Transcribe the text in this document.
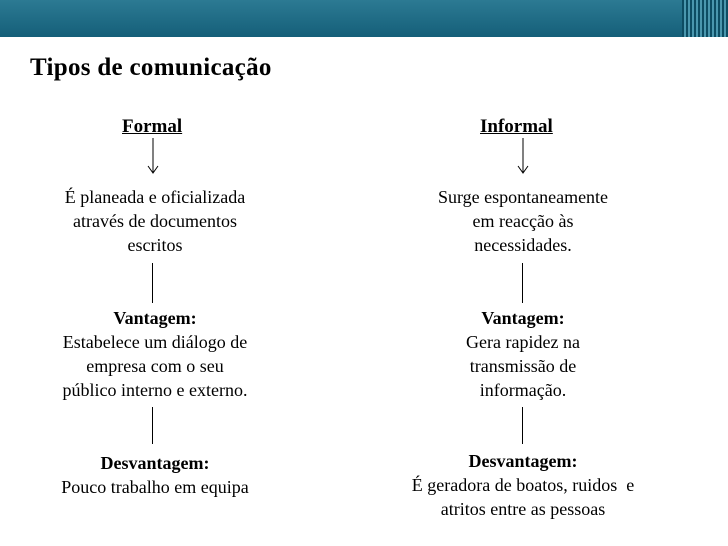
Tipos de comunicação
Formal
É planeada e oficializada
através de documentos
escritos
Vantagem:
Estabelece um diálogo de
empresa com o seu
público interno e externo.
Desvantagem:
Pouco trabalho em equipa
Informal
Surge espontaneamente
em reacção às
necessidades.
Vantagem:
Gera rapidez na
transmissão de
informação.
Desvantagem:
É geradora de boatos, ruidos  e
atritos entre as pessoas
